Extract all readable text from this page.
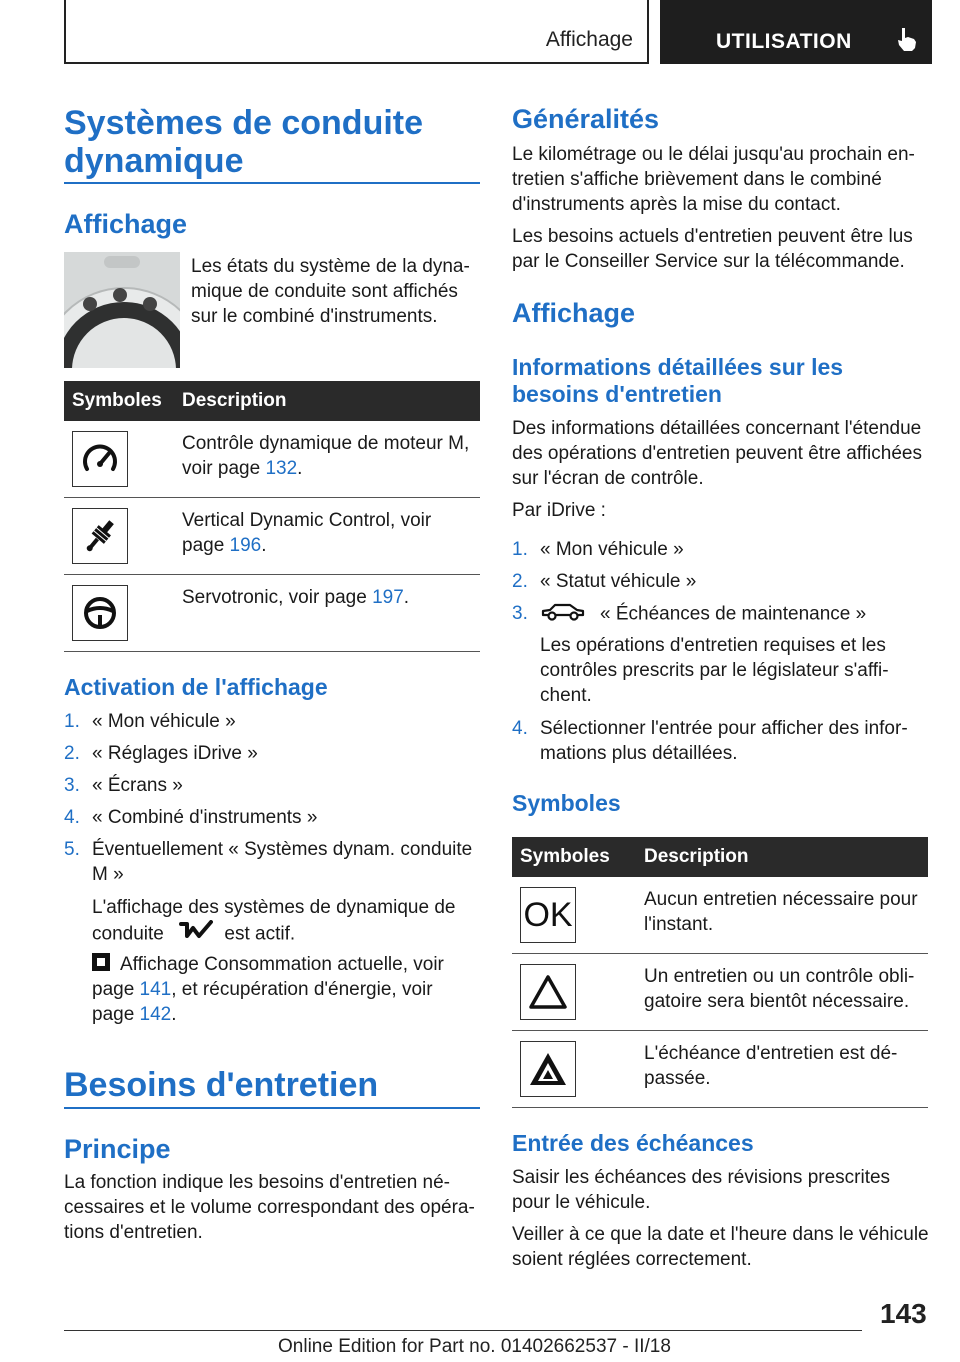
Affichage	UTILISATION
Systèmes de conduite
dynamique
Affichage
Les états du système de la dyna-
mique de conduite sont affichés
sur le combiné d'instruments.
Symboles	Description

Contrôle dynamique de moteur M,
voir page 132.

Vertical Dynamic Control, voir
page 196.

Servotronic, voir page 197.
Activation de l'affichage
1. « Mon véhicule »
2. « Réglages iDrive »
3. « Écrans »
4. « Combiné d'instruments »
5. Éventuellement « Systèmes dynam. conduite
M »
L'affichage des systèmes de dynamique de
conduite	est actif.
Affichage Consommation actuelle, voir
page 141, et récupération d'énergie, voir
page 142.
Besoins d'entretien
Principe
La fonction indique les besoins d'entretien né-
cessaires et le volume correspondant des opéra-
tions d'entretien.
Généralités
Le kilométrage ou le délai jusqu'au prochain en-
tretien s'affiche brièvement dans le combiné
d'instruments après la mise du contact.
Les besoins actuels d'entretien peuvent être lus
par le Conseiller Service sur la télécommande.
Affichage
Informations détaillées sur les
besoins d'entretien
Des informations détaillées concernant l'étendue
des opérations d'entretien peuvent être affichées
sur l'écran de contrôle.
Par iDrive :
1. « Mon véhicule »
2. « Statut véhicule »
3.	« Échéances de maintenance »
Les opérations d'entretien requises et les
contrôles prescrits par le législateur s'affi-
chent.
4. Sélectionner l'entrée pour afficher des infor-
mations plus détaillées.
Symboles
Symboles	Description

OK	Aucun entretien nécessaire pour
l'instant.

Un entretien ou un contrôle obli-
gatoire sera bientôt nécessaire.

L'échéance d'entretien est dé-
passée.
Entrée des échéances
Saisir les échéances des révisions prescrites
pour le véhicule.
Veiller à ce que la date et l'heure dans le véhicule
soient réglées correctement.
143
Online Edition for Part no. 01402662537 - II/18
